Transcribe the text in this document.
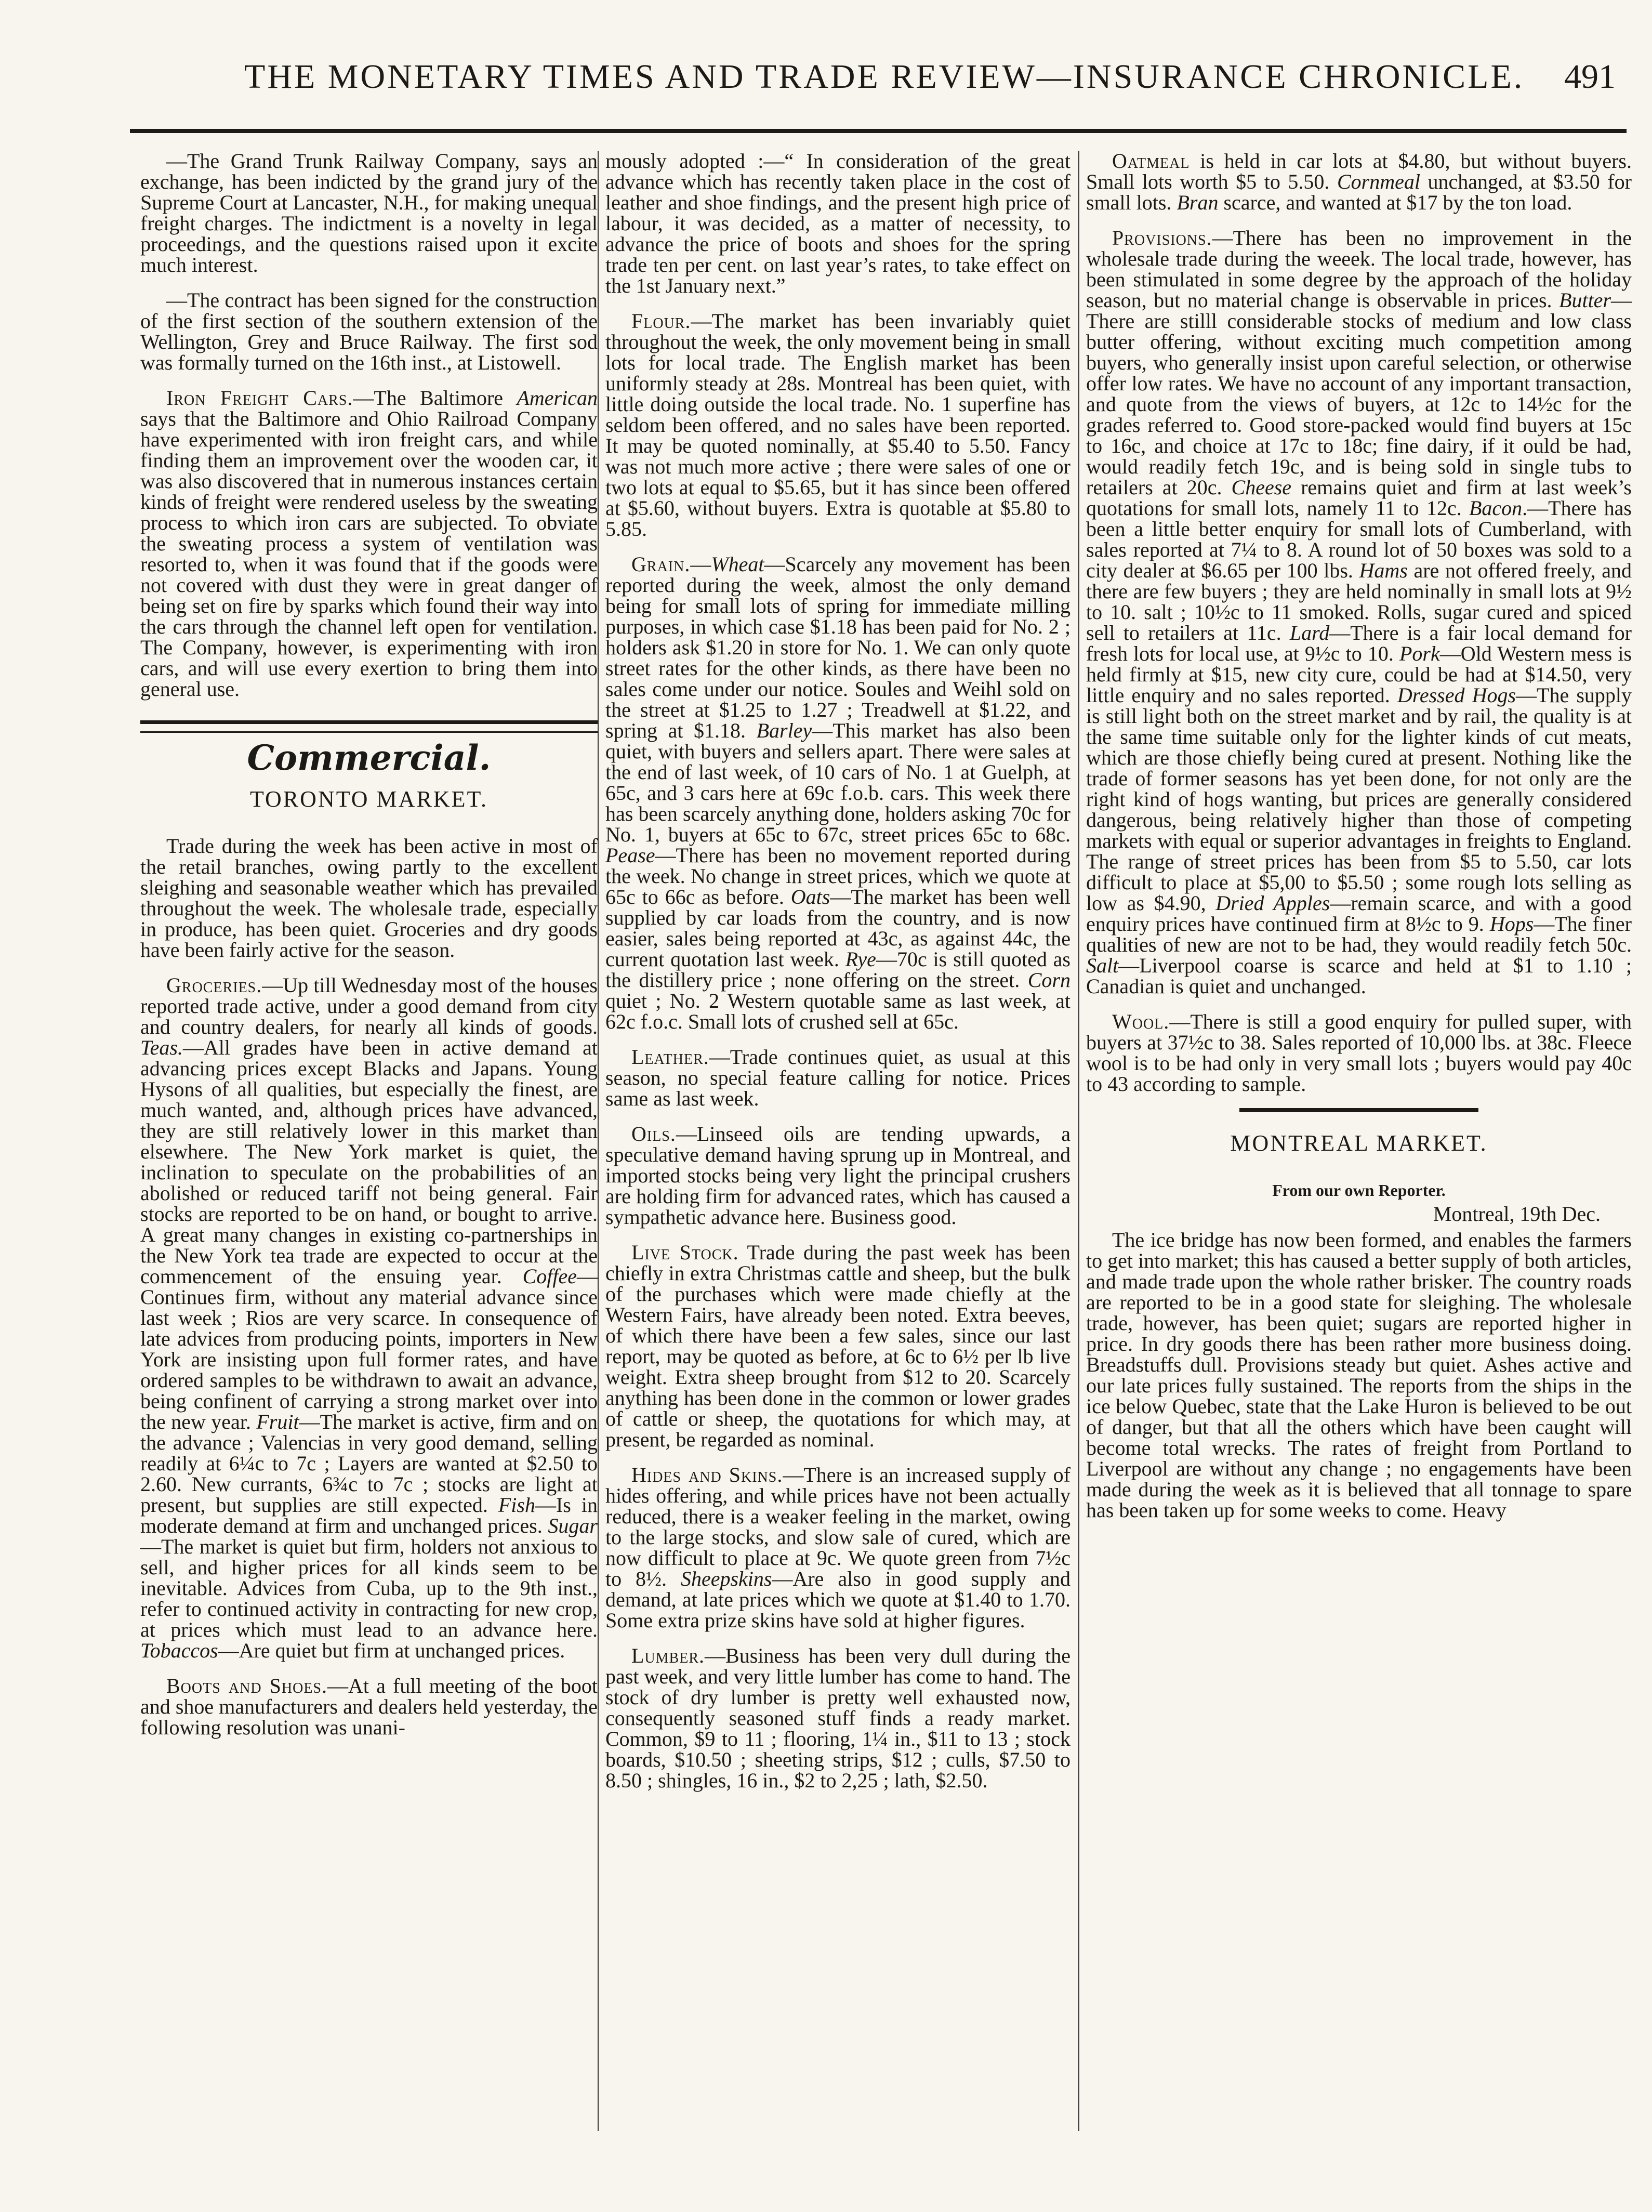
THE MONETARY TIMES AND TRADE REVIEW—INSURANCE CHRONICLE. 491

—The Grand Trunk Railway Company, says an exchange, has been indicted by the grand jury of the Supreme Court at Lancaster, N.H., for making unequal freight charges. The indictment is a novelty in legal proceedings, and the questions raised upon it excite much interest.

—The contract has been signed for the construction of the first section of the southern extension of the Wellington, Grey and Bruce Railway. The first sod was formally turned on the 16th inst., at Listowell.

Iron Freight Cars.—The Baltimore American says that the Baltimore and Ohio Railroad Company have experimented with iron freight cars, and while finding them an improvement over the wooden car, it was also discovered that in numerous instances certain kinds of freight were rendered useless by the sweating process to which iron cars are subjected. To obviate the sweating process a system of ventilation was resorted to, when it was found that if the goods were not covered with dust they were in great danger of being set on fire by sparks which found their way into the cars through the channel left open for ventilation. The Company, however, is experimenting with iron cars, and will use every exertion to bring them into general use.

Commercial.
TORONTO MARKET.

Trade during the week has been active in most of the retail branches, owing partly to the excellent sleighing and seasonable weather which has prevailed throughout the week. The wholesale trade, especially in produce, has been quiet. Groceries and dry goods have been fairly active for the season.

Groceries.—Up till Wednesday most of the houses reported trade active, under a good demand from city and country dealers, for nearly all kinds of goods. Teas.—All grades have been in active demand at advancing prices except Blacks and Japans. Young Hysons of all qualities, but especially the finest, are much wanted, and, although prices have advanced, they are still relatively lower in this market than elsewhere. The New York market is quiet, the inclination to speculate on the probabilities of an abolished or reduced tariff not being general. Fair stocks are reported to be on hand, or bought to arrive. A great many changes in existing co-partnerships in the New York tea trade are expected to occur at the commencement of the ensuing year. Coffee—Continues firm, without any material advance since last week ; Rios are very scarce. In consequence of late advices from producing points, importers in New York are insisting upon full former rates, and have ordered samples to be withdrawn to await an advance, being confinent of carrying a strong market over into the new year. Fruit—The market is active, firm and on the advance ; Valencias in very good demand, selling readily at 6¼c to 7c ; Layers are wanted at $2.50 to 2.60. New currants, 6¾c to 7c ; stocks are light at present, but supplies are still expected. Fish—Is in moderate demand at firm and unchanged prices. Sugar—The market is quiet but firm, holders not anxious to sell, and higher prices for all kinds seem to be inevitable. Advices from Cuba, up to the 9th inst., refer to continued activity in contracting for new crop, at prices which must lead to an advance here. Tobaccos—Are quiet but firm at unchanged prices.

Boots and Shoes.—At a full meeting of the boot and shoe manufacturers and dealers held yesterday, the following resolution was unani-

mously adopted :—“ In consideration of the great advance which has recently taken place in the cost of leather and shoe findings, and the present high price of labour, it was decided, as a matter of necessity, to advance the price of boots and shoes for the spring trade ten per cent. on last year’s rates, to take effect on the 1st January next.”

Flour.—The market has been invariably quiet throughout the week, the only movement being in small lots for local trade. The English market has been uniformly steady at 28s. Montreal has been quiet, with little doing outside the local trade. No. 1 superfine has seldom been offered, and no sales have been reported. It may be quoted nominally, at $5.40 to 5.50. Fancy was not much more active ; there were sales of one or two lots at equal to $5.65, but it has since been offered at $5.60, without buyers. Extra is quotable at $5.80 to 5.85.

Grain.—Wheat—Scarcely any movement has been reported during the week, almost the only demand being for small lots of spring for immediate milling purposes, in which case $1.18 has been paid for No. 2 ; holders ask $1.20 in store for No. 1. We can only quote street rates for the other kinds, as there have been no sales come under our notice. Soules and Weihl sold on the street at $1.25 to 1.27 ; Treadwell at $1.22, and spring at $1.18. Barley—This market has also been quiet, with buyers and sellers apart. There were sales at the end of last week, of 10 cars of No. 1 at Guelph, at 65c, and 3 cars here at 69c f.o.b. cars. This week there has been scarcely anything done, holders asking 70c for No. 1, buyers at 65c to 67c, street prices 65c to 68c. Pease—There has been no movement reported during the week. No change in street prices, which we quote at 65c to 66c as before. Oats—The market has been well supplied by car loads from the country, and is now easier, sales being reported at 43c, as against 44c, the current quotation last week. Rye—70c is still quoted as the distillery price ; none offering on the street. Corn quiet ; No. 2 Western quotable same as last week, at 62c f.o.c. Small lots of crushed sell at 65c.

Leather.—Trade continues quiet, as usual at this season, no special feature calling for notice. Prices same as last week.

Oils.—Linseed oils are tending upwards, a speculative demand having sprung up in Montreal, and imported stocks being very light the principal crushers are holding firm for advanced rates, which has caused a sympathetic advance here. Business good.

Live Stock. Trade during the past week has been chiefly in extra Christmas cattle and sheep, but the bulk of the purchases which were made chiefly at the Western Fairs, have already been noted. Extra beeves, of which there have been a few sales, since our last report, may be quoted as before, at 6c to 6½ per lb live weight. Extra sheep brought from $12 to 20. Scarcely anything has been done in the common or lower grades of cattle or sheep, the quotations for which may, at present, be regarded as nominal.

Hides and Skins.—There is an increased supply of hides offering, and while prices have not been actually reduced, there is a weaker feeling in the market, owing to the large stocks, and slow sale of cured, which are now difficult to place at 9c. We quote green from 7½c to 8½. Sheepskins—Are also in good supply and demand, at late prices which we quote at $1.40 to 1.70. Some extra prize skins have sold at higher figures.

Lumber.—Business has been very dull during the past week, and very little lumber has come to hand. The stock of dry lumber is pretty well exhausted now, consequently seasoned stuff finds a ready market. Common, $9 to 11 ; flooring, 1¼ in., $11 to 13 ; stock boards, $10.50 ; sheeting strips, $12 ; culls, $7.50 to 8.50 ; shingles, 16 in., $2 to 2,25 ; lath, $2.50.

Oatmeal is held in car lots at $4.80, but without buyers. Small lots worth $5 to 5.50. Cornmeal unchanged, at $3.50 for small lots. Bran scarce, and wanted at $17 by the ton load.

Provisions.—There has been no improvement in the wholesale trade during the weeek. The local trade, however, has been stimulated in some degree by the approach of the holiday season, but no material change is observable in prices. Butter—There are stilll considerable stocks of medium and low class butter offering, without exciting much competition among buyers, who generally insist upon careful selection, or otherwise offer low rates. We have no account of any important transaction, and quote from the views of buyers, at 12c to 14½c for the grades referred to. Good store-packed would find buyers at 15c to 16c, and choice at 17c to 18c; fine dairy, if it ould be had, would readily fetch 19c, and is being sold in single tubs to retailers at 20c. Cheese remains quiet and firm at last week’s quotations for small lots, namely 11 to 12c. Bacon.—There has been a little better enquiry for small lots of Cumberland, with sales reported at 7¼ to 8. A round lot of 50 boxes was sold to a city dealer at $6.65 per 100 lbs. Hams are not offered freely, and there are few buyers ; they are held nominally in small lots at 9½ to 10. salt ; 10½c to 11 smoked. Rolls, sugar cured and spiced sell to retailers at 11c. Lard—There is a fair local demand for fresh lots for local use, at 9½c to 10. Pork—Old Western mess is held firmly at $15, new city cure, could be had at $14.50, very little enquiry and no sales reported. Dressed Hogs—The supply is still light both on the street market and by rail, the quality is at the same time suitable only for the lighter kinds of cut meats, which are those chiefly being cured at present. Nothing like the trade of former seasons has yet been done, for not only are the right kind of hogs wanting, but prices are generally considered dangerous, being relatively higher than those of competing markets with equal or superior advantages in freights to England. The range of street prices has been from $5 to 5.50, car lots difficult to place at $5,00 to $5.50 ; some rough lots selling as low as $4.90, Dried Apples—remain scarce, and with a good enquiry prices have continued firm at 8½c to 9. Hops—The finer qualities of new are not to be had, they would readily fetch 50c. Salt—Liverpool coarse is scarce and held at $1 to 1.10 ; Canadian is quiet and unchanged.

Wool.—There is still a good enquiry for pulled super, with buyers at 37½c to 38. Sales reported of 10,000 lbs. at 38c. Fleece wool is to be had only in very small lots ; buyers would pay 40c to 43 according to sample.

MONTREAL MARKET.
From our own Reporter.
Montreal, 19th Dec.

The ice bridge has now been formed, and enables the farmers to get into market; this has caused a better supply of both articles, and made trade upon the whole rather brisker. The country roads are reported to be in a good state for sleighing. The wholesale trade, however, has been quiet; sugars are reported higher in price. In dry goods there has been rather more business doing. Breadstuffs dull. Provisions steady but quiet. Ashes active and our late prices fully sustained. The reports from the ships in the ice below Quebec, state that the Lake Huron is believed to be out of danger, but that all the others which have been caught will become total wrecks. The rates of freight from Portland to Liverpool are without any change ; no engagements have been made during the week as it is believed that all tonnage to spare has been taken up for some weeks to come. Heavy
